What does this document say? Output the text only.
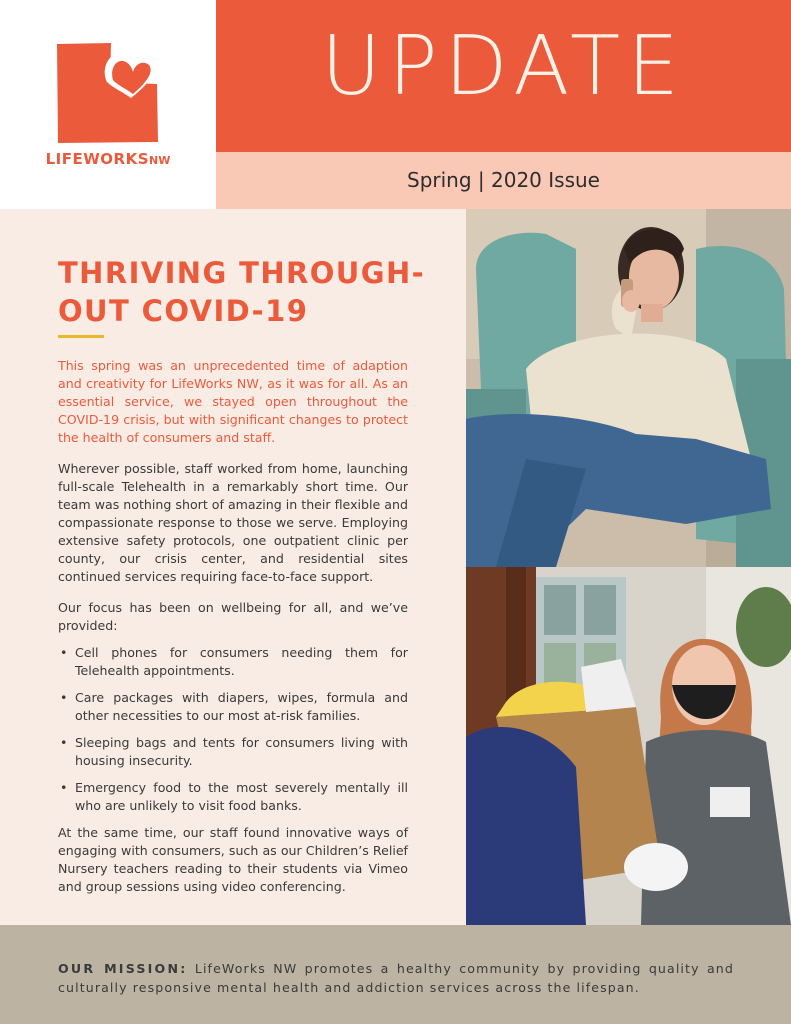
LIFEWORKSNW
UPDATE
Spring | 2020 Issue
THRIVING THROUGH-
OUT COVID-19

This spring was an unprecedented time of adaption and creativity for LifeWorks NW, as it was for all. As an essential service, we stayed open throughout the COVID-19 crisis, but with significant changes to protect the health of consumers and staff.

Wherever possible, staff worked from home, launching full-scale Telehealth in a remarkably short time. Our team was nothing short of amazing in their flexible and compassionate response to those we serve. Employing extensive safety protocols, one outpatient clinic per county, our crisis center, and residential sites continued services requiring face-to-face support.

Our focus has been on wellbeing for all, and we’ve provided:

• Cell phones for consumers needing them for Telehealth appointments.
• Care packages with diapers, wipes, formula and other necessities to our most at-risk families.
• Sleeping bags and tents for consumers living with housing insecurity.
• Emergency food to the most severely mentally ill who are unlikely to visit food banks.

At the same time, our staff found innovative ways of engaging with consumers, such as our Children’s Relief Nursery teachers reading to their students via Vimeo and group sessions using video conferencing.

OUR MISSION: LifeWorks NW promotes a healthy community by providing quality and culturally responsive mental health and addiction services across the lifespan.
